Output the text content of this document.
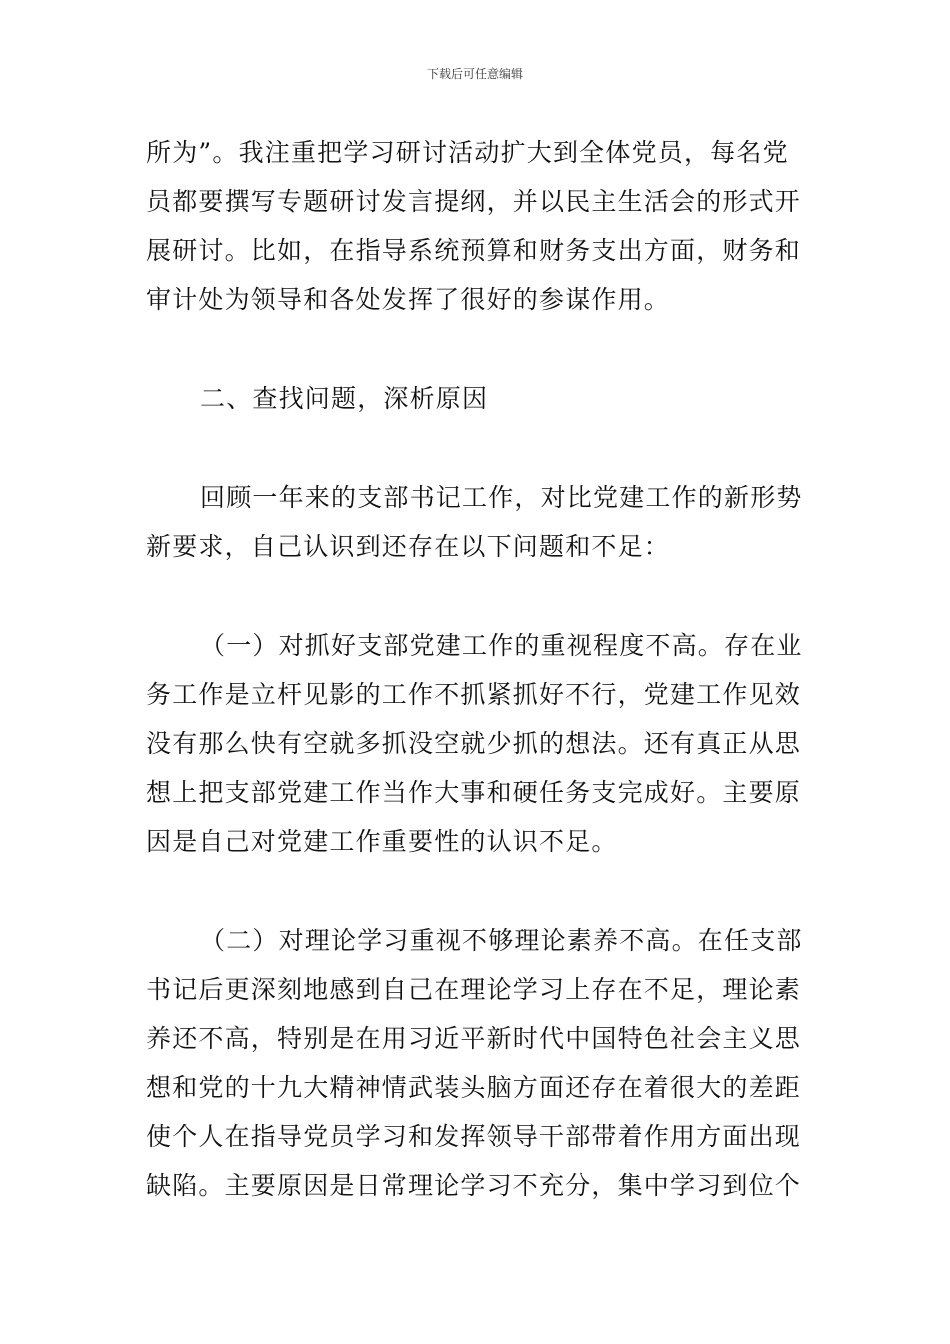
下载后可任意编辑
所为”。我注重把学习研讨活动扩大到全体党员，每名党
员都要撰写专题研讨发言提纲，并以民主生活会的形式开
展研讨。比如，在指导系统预算和财务支出方面，财务和
审计处为领导和各处发挥了很好的参谋作用。
二、查找问题，深析原因
回顾一年来的支部书记工作，对比党建工作的新形势
新要求，自己认识到还存在以下问题和不足：
（一）对抓好支部党建工作的重视程度不高。存在业
务工作是立杆见影的工作不抓紧抓好不行，党建工作见效
没有那么快有空就多抓没空就少抓的想法。还有真正从思
想上把支部党建工作当作大事和硬任务支完成好。主要原
因是自己对党建工作重要性的认识不足。
（二）对理论学习重视不够理论素养不高。在任支部
书记后更深刻地感到自己在理论学习上存在不足，理论素
养还不高，特别是在用习近平新时代中国特色社会主义思
想和党的十九大精神情武装头脑方面还存在着很大的差距
使个人在指导党员学习和发挥领导干部带着作用方面出现
缺陷。主要原因是日常理论学习不充分，集中学习到位个
